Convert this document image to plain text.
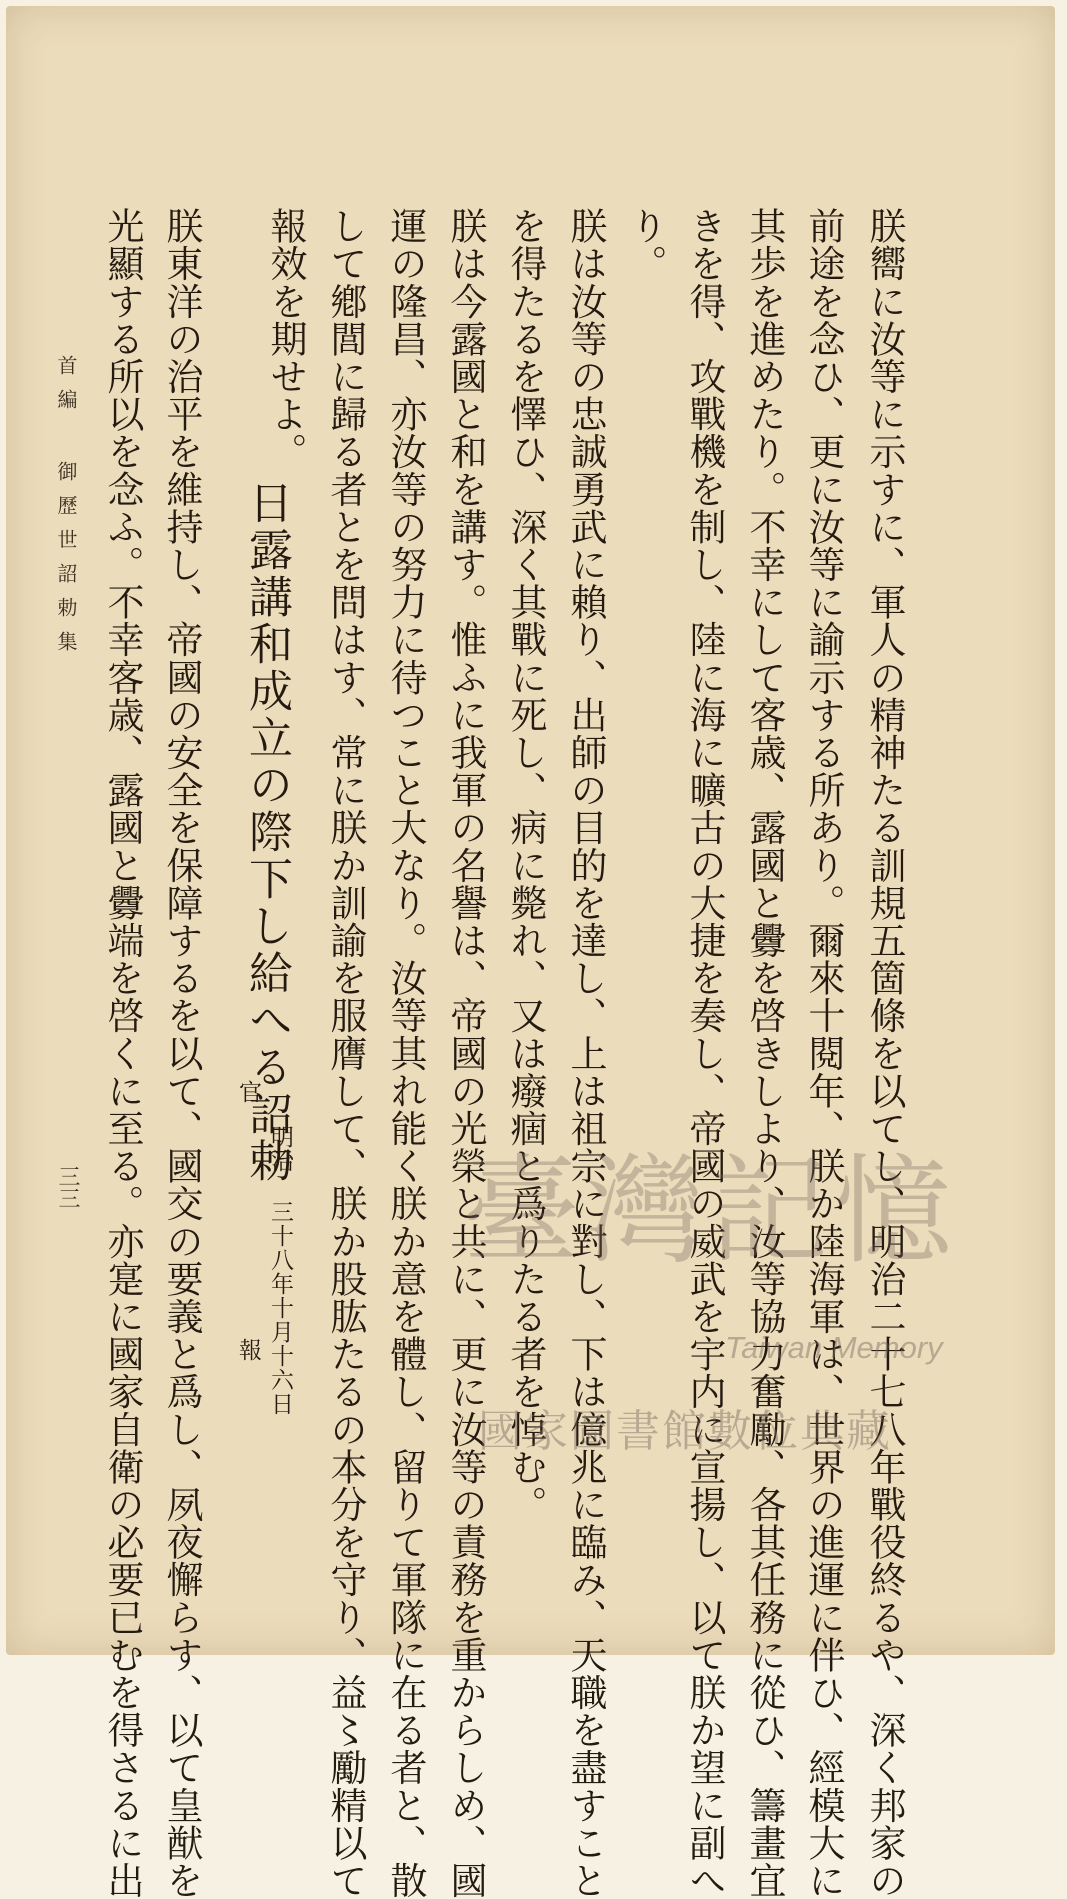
朕嚮に汝等に示すに、軍人の精神たる訓規五箇條を以てし、明治二十七八年戰役終るや、深く邦家の
前途を念ひ、更に汝等に諭示する所あり。爾來十閱年、朕か陸海軍は、世界の進運に伴ひ、經模大に
其歩を進めたり。不幸にして客歳、露國と釁を啓きしより、汝等協力奮勵、各其任務に從ひ、籌畫宜
きを得、攻戰機を制し、陸に海に曠古の大捷を奏し、帝國の威武を宇内に宣揚し、以て朕か望に副へ
り。
朕は汝等の忠誠勇武に賴り、出師の目的を達し、上は祖宗に對し、下は億兆に臨み、天職を盡すこと
を得たるを懌ひ、深く其戰に死し、病に斃れ、又は癈痼と爲りたる者を悼む。
朕は今露國と和を講す。惟ふに我軍の名譽は、帝國の光榮と共に、更に汝等の責務を重からしめ、國
運の隆昌、亦汝等の努力に待つこと大なり。汝等其れ能く朕か意を體し、留りて軍隊に在る者と、散
して鄕閭に歸る者とを問はす、常に朕か訓諭を服膺して、朕か股肱たるの本分を守り、益〻勵精以て
報效を期せよ。
日露講和成立の際下し給へる詔勅
明治 三十八年十月十六日
官報
朕東洋の治平を維持し、帝國の安全を保障するを以て、國交の要義と爲し、夙夜懈らす、以て皇猷を
光顯する所以を念ふ。不幸客歳、露國と釁端を啓くに至る。亦寔に國家自衛の必要已むを得さるに出
首編 御歷世詔勅集
三三	臺灣記憶
Taiwan Memory
國家圖書館數位典藏
